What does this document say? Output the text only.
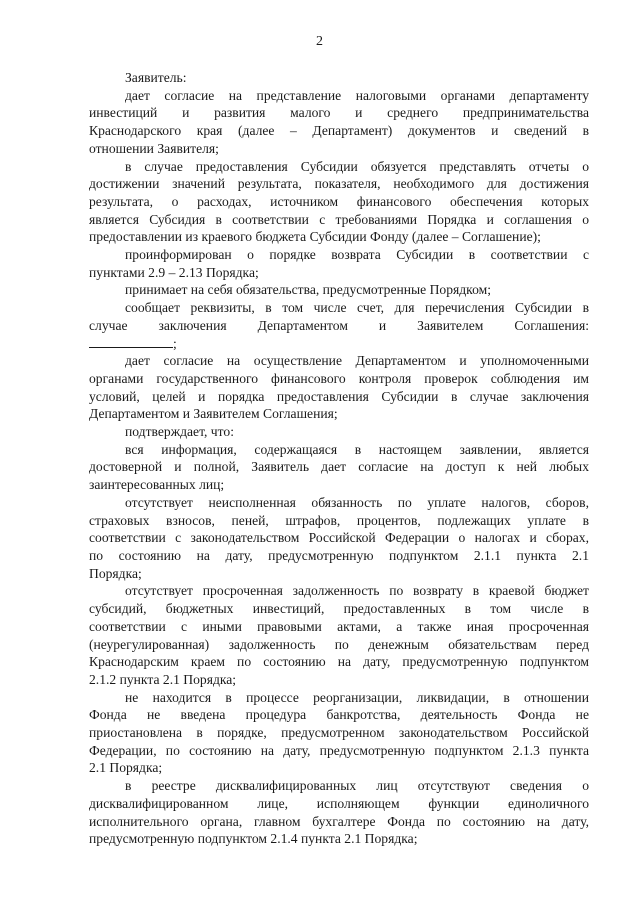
2
Заявитель:
дает согласие на представление налоговыми органами департаменту
инвестиций и развития малого и среднего предпринимательства
Краснодарского края (далее – Департамент) документов и сведений в
отношении Заявителя;
в случае предоставления Субсидии обязуется представлять отчеты о
достижении значений результата, показателя, необходимого для достижения
результата, о расходах, источником финансового обеспечения которых
является Субсидия в соответствии с требованиями Порядка и соглашения о
предоставлении из краевого бюджета Субсидии Фонду (далее – Соглашение);
проинформирован о порядке возврата Субсидии в соответствии с
пунктами 2.9 – 2.13 Порядка;
принимает на себя обязательства, предусмотренные Порядком;
сообщает реквизиты, в том числе счет, для перечисления Субсидии в
случае заключения Департаментом и Заявителем Соглашения:
;
дает согласие на осуществление Департаментом и уполномоченными
органами государственного финансового контроля проверок соблюдения им
условий, целей и порядка предоставления Субсидии в случае заключения
Департаментом и Заявителем Соглашения;
подтверждает, что:
вся информация, содержащаяся в настоящем заявлении, является
достоверной и полной, Заявитель дает согласие на доступ к ней любых
заинтересованных лиц;
отсутствует неисполненная обязанность по уплате налогов, сборов,
страховых взносов, пеней, штрафов, процентов, подлежащих уплате в
соответствии с законодательством Российской Федерации о налогах и сборах,
по состоянию на дату, предусмотренную подпунктом 2.1.1 пункта 2.1
Порядка;
отсутствует просроченная задолженность по возврату в краевой бюджет
субсидий, бюджетных инвестиций, предоставленных в том числе в
соответствии с иными правовыми актами, а также иная просроченная
(неурегулированная) задолженность по денежным обязательствам перед
Краснодарским краем по состоянию на дату, предусмотренную подпунктом
2.1.2 пункта 2.1 Порядка;
не находится в процессе реорганизации, ликвидации, в отношении
Фонда не введена процедура банкротства, деятельность Фонда не
приостановлена в порядке, предусмотренном законодательством Российской
Федерации, по состоянию на дату, предусмотренную подпунктом 2.1.3 пункта
2.1 Порядка;
в реестре дисквалифицированных лиц отсутствуют сведения о
дисквалифицированном лице, исполняющем функции единоличного
исполнительного органа, главном бухгалтере Фонда по состоянию на дату,
предусмотренную подпунктом 2.1.4 пункта 2.1 Порядка;
